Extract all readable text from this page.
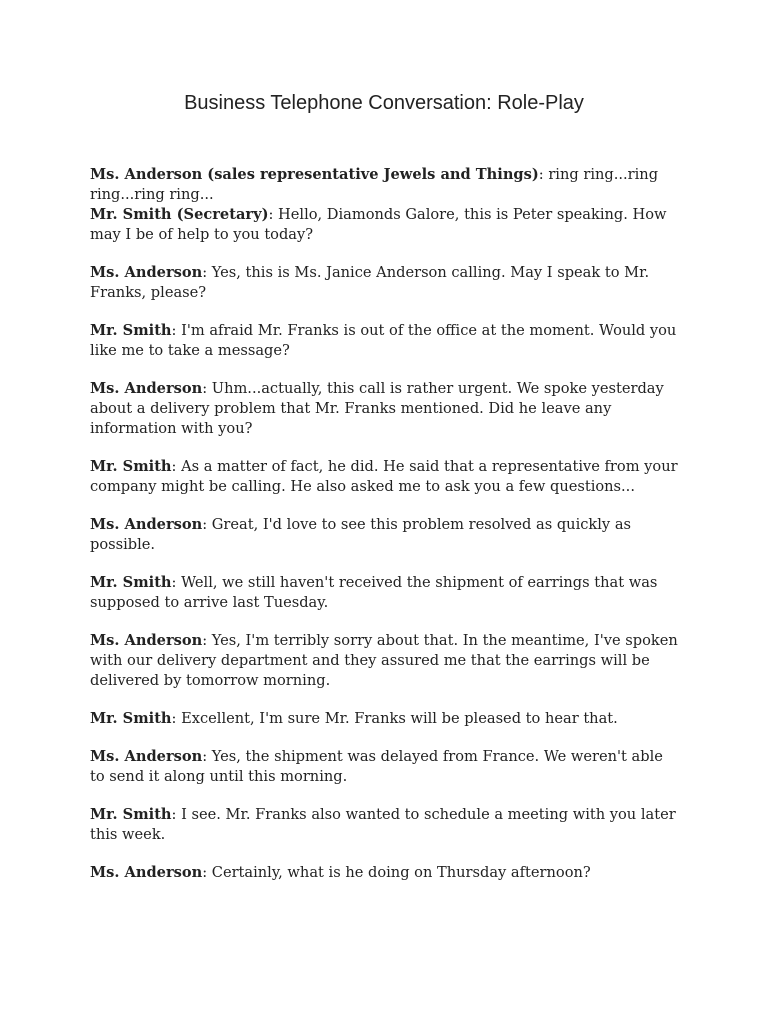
Business Telephone Conversation: Role-Play

Ms. Anderson (sales representative Jewels and Things): ring ring...ring ring...ring ring...

Mr. Smith (Secretary): Hello, Diamonds Galore, this is Peter speaking. How may I be of help to you today?

Ms. Anderson: Yes, this is Ms. Janice Anderson calling. May I speak to Mr. Franks, please?

Mr. Smith: I'm afraid Mr. Franks is out of the office at the moment. Would you like me to take a message?

Ms. Anderson: Uhm...actually, this call is rather urgent. We spoke yesterday about a delivery problem that Mr. Franks mentioned. Did he leave any information with you?

Mr. Smith: As a matter of fact, he did. He said that a representative from your company might be calling. He also asked me to ask you a few questions...

Ms. Anderson: Great, I'd love to see this problem resolved as quickly as possible.

Mr. Smith: Well, we still haven't received the shipment of earrings that was supposed to arrive last Tuesday.

Ms. Anderson: Yes, I'm terribly sorry about that. In the meantime, I've spoken with our delivery department and they assured me that the earrings will be delivered by tomorrow morning.

Mr. Smith: Excellent, I'm sure Mr. Franks will be pleased to hear that.

Ms. Anderson: Yes, the shipment was delayed from France. We weren't able to send it along until this morning.

Mr. Smith: I see. Mr. Franks also wanted to schedule a meeting with you later this week.

Ms. Anderson: Certainly, what is he doing on Thursday afternoon?
